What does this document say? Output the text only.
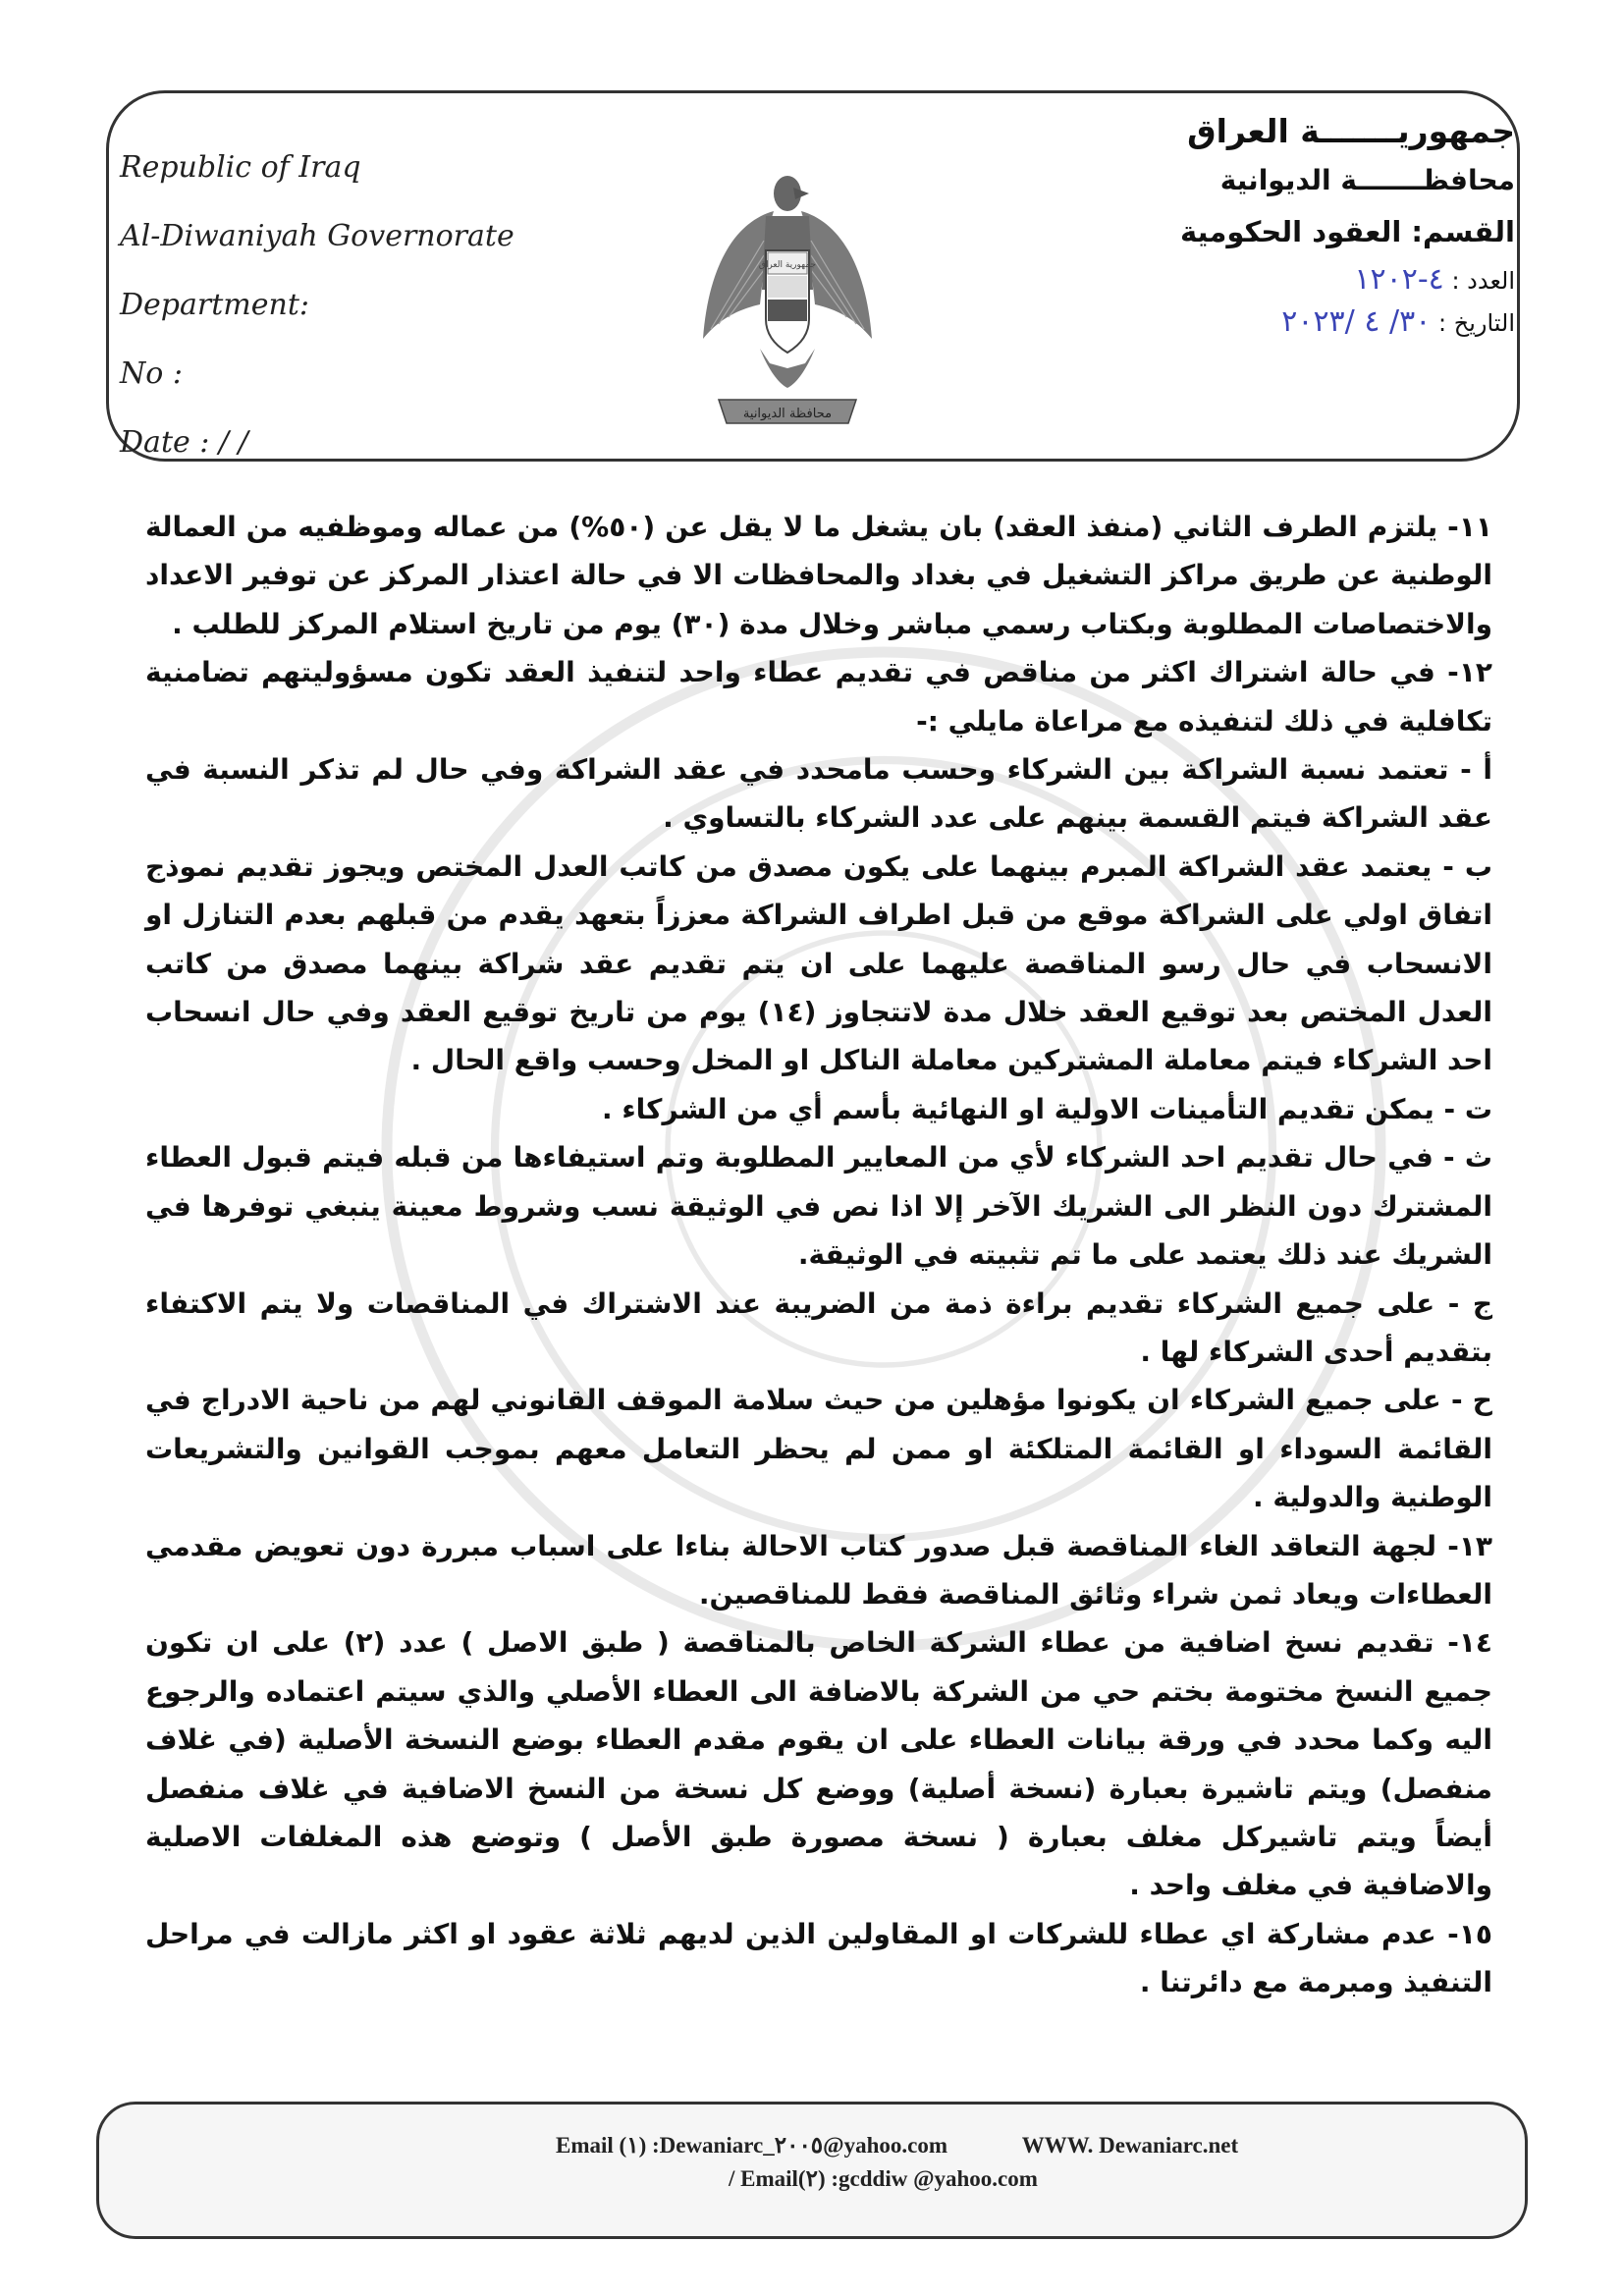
Republic of Iraq
Al-Diwaniyah Governorate
Department:
No :
Date : / /
جمهورية العراق
محافظة الديوانية
جمهوريـــــــة العراق
محافظـــــــة الديوانية
القسم: العقود الحكومية
العدد : ٤-١٢٠٢
التاريخ : ٣٠/ ٤ /٢٠٢٣

١١- يلتزم الطرف الثاني (منفذ العقد) بان يشغل ما لا يقل عن (٥٠%) من عماله وموظفيه من العمالة الوطنية عن طريق مراكز التشغيل في بغداد والمحافظات الا في حالة اعتذار المركز عن توفير الاعداد والاختصاصات المطلوبة وبكتاب رسمي مباشر وخلال مدة (٣٠) يوم من تاريخ استلام المركز للطلب .

١٢- في حالة اشتراك اكثر من مناقص في تقديم عطاء واحد لتنفيذ العقد تكون مسؤوليتهم تضامنية تكافلية في ذلك لتنفيذه مع مراعاة مايلي :-

أ - تعتمد نسبة الشراكة بين الشركاء وحسب مامحدد في عقد الشراكة وفي حال لم تذكر النسبة في عقد الشراكة فيتم القسمة بينهم على عدد الشركاء بالتساوي .

ب - يعتمد عقد الشراكة المبرم بينهما على يكون مصدق من كاتب العدل المختص ويجوز تقديم نموذج اتفاق اولي على الشراكة موقع من قبل اطراف الشراكة معززاً بتعهد يقدم من قبلهم بعدم التنازل او الانسحاب في حال رسو المناقصة عليهما على ان يتم تقديم عقد شراكة بينهما مصدق من كاتب العدل المختص بعد توقيع العقد خلال مدة لاتتجاوز (١٤) يوم من تاريخ توقيع العقد وفي حال انسحاب احد الشركاء فيتم معاملة المشتركين معاملة الناكل او المخل وحسب واقع الحال .

ت - يمكن تقديم التأمينات الاولية او النهائية بأسم أي من الشركاء .

ث - في حال تقديم احد الشركاء لأي من المعايير المطلوبة وتم استيفاءها من قبله فيتم قبول العطاء المشترك دون النظر الى الشريك الآخر إلا اذا نص في الوثيقة نسب وشروط معينة ينبغي توفرها في الشريك عند ذلك يعتمد على ما تم تثبيته في الوثيقة.

ج - على جميع الشركاء تقديم براءة ذمة من الضريبة عند الاشتراك في المناقصات ولا يتم الاكتفاء بتقديم أحدى الشركاء لها .

ح - على جميع الشركاء ان يكونوا مؤهلين من حيث سلامة الموقف القانوني لهم من ناحية الادراج في القائمة السوداء او القائمة المتلكئة او ممن لم يحظر التعامل معهم بموجب القوانين والتشريعات الوطنية والدولية .

١٣- لجهة التعاقد الغاء المناقصة قبل صدور كتاب الاحالة بناءا على اسباب مبررة دون تعويض مقدمي العطاءات ويعاد ثمن شراء وثائق المناقصة فقط للمناقصين.

١٤- تقديم نسخ اضافية من عطاء الشركة الخاص بالمناقصة ( طبق الاصل ) عدد (٢) على ان تكون جميع النسخ مختومة بختم حي من الشركة بالاضافة الى العطاء الأصلي والذي سيتم اعتماده والرجوع اليه وكما محدد في ورقة بيانات العطاء على ان يقوم مقدم العطاء بوضع النسخة الأصلية (في غلاف منفصل) ويتم تاشيرة بعبارة (نسخة أصلية) ووضع كل نسخة من النسخ الاضافية في غلاف منفصل أيضاً ويتم تاشيركل مغلف بعبارة ( نسخة مصورة طبق الأصل ) وتوضع هذه المغلفات الاصلية والاضافية في مغلف واحد .

١٥- عدم مشاركة اي عطاء للشركات او المقاولين الذين لديهم ثلاثة عقود او اكثر مازالت في مراحل التنفيذ ومبرمة مع دائرتنا .

Email (١) :Dewaniarc_٢٠٠٥@yahoo.com	WWW. Dewaniarc.net
/ Email(٢) :gcddiw @yahoo.com
